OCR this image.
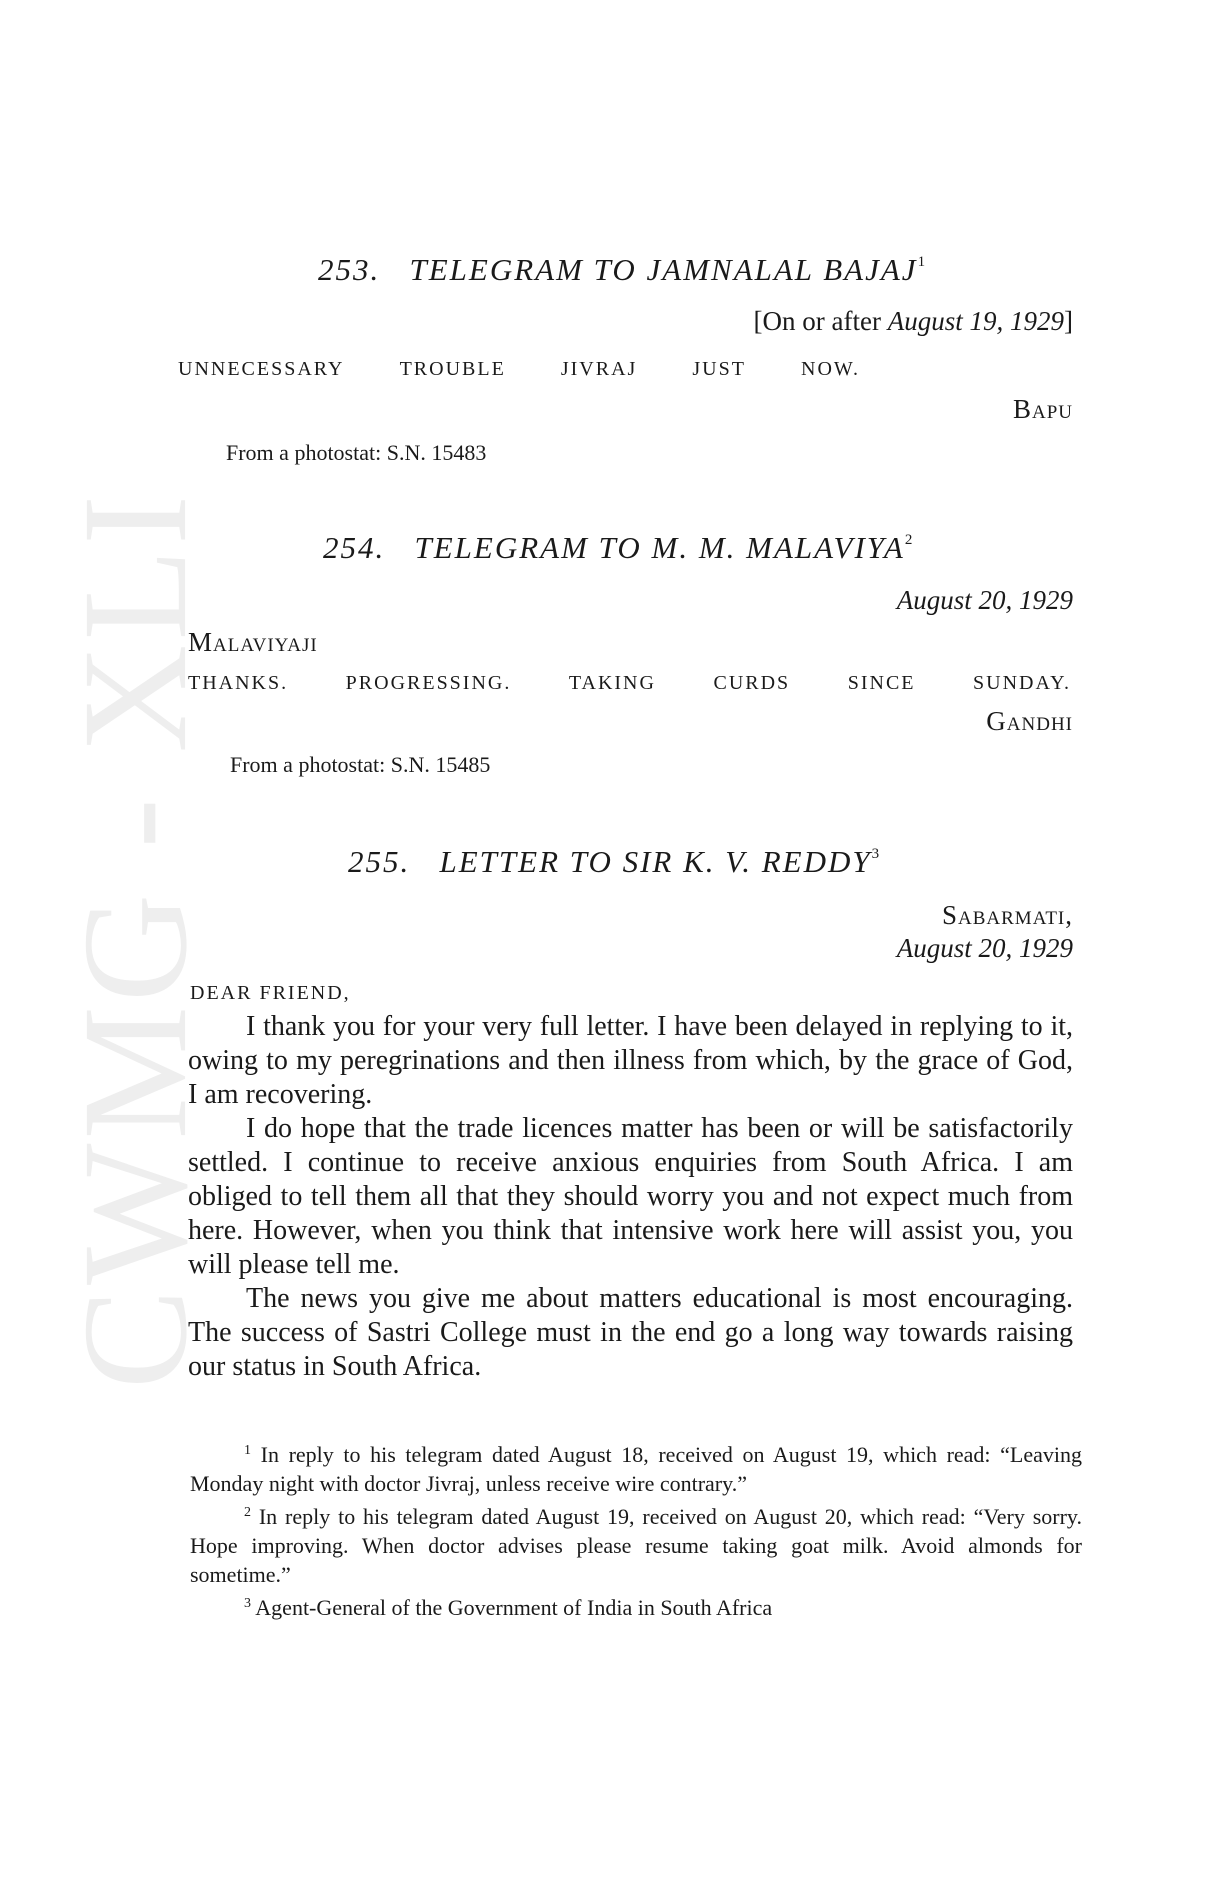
CWMG - XLI
253. TELEGRAM TO JAMNALAL BAJAJ$^1$
[On or after August 19, 1929]
UNNECESSARY	TROUBLE	JIVRAJ	JUST	NOW.
Bapu
From a photostat: S.N. 15483
254. TELEGRAM TO M. M. MALAVIYA$^2$
August 20, 1929
Malaviyaji
THANKS.	PROGRESSING.	TAKING	CURDS	SINCE	SUNDAY.
Gandhi
From a photostat: S.N. 15485
255. LETTER TO SIR K. V. REDDY$^3$
Sabarmati,
August 20, 1929
DEAR FRIEND,

I thank you for your very full letter. I have been delayed in replying to it, owing to my peregrinations and then illness from which, by the grace of God, I am recovering.

I do hope that the trade licences matter has been or will be satisfactorily settled. I continue to receive anxious enquiries from South Africa. I am obliged to tell them all that they should worry you and not expect much from here. However, when you think that intensive work here will assist you, you will please tell me.

The news you give me about matters educational is most encouraging. The success of Sastri College must in the end go a long way towards raising our status in South Africa.

$^1$ In reply to his telegram dated August 18, received on August 19, which read: “Leaving Monday night with doctor Jivraj, unless receive wire contrary.”

$^2$ In reply to his telegram dated August 19, received on August 20, which read: “Very sorry. Hope improving. When doctor advises please resume taking goat milk. Avoid almonds for sometime.”

$^3$ Agent-General of the Government of India in South Africa
